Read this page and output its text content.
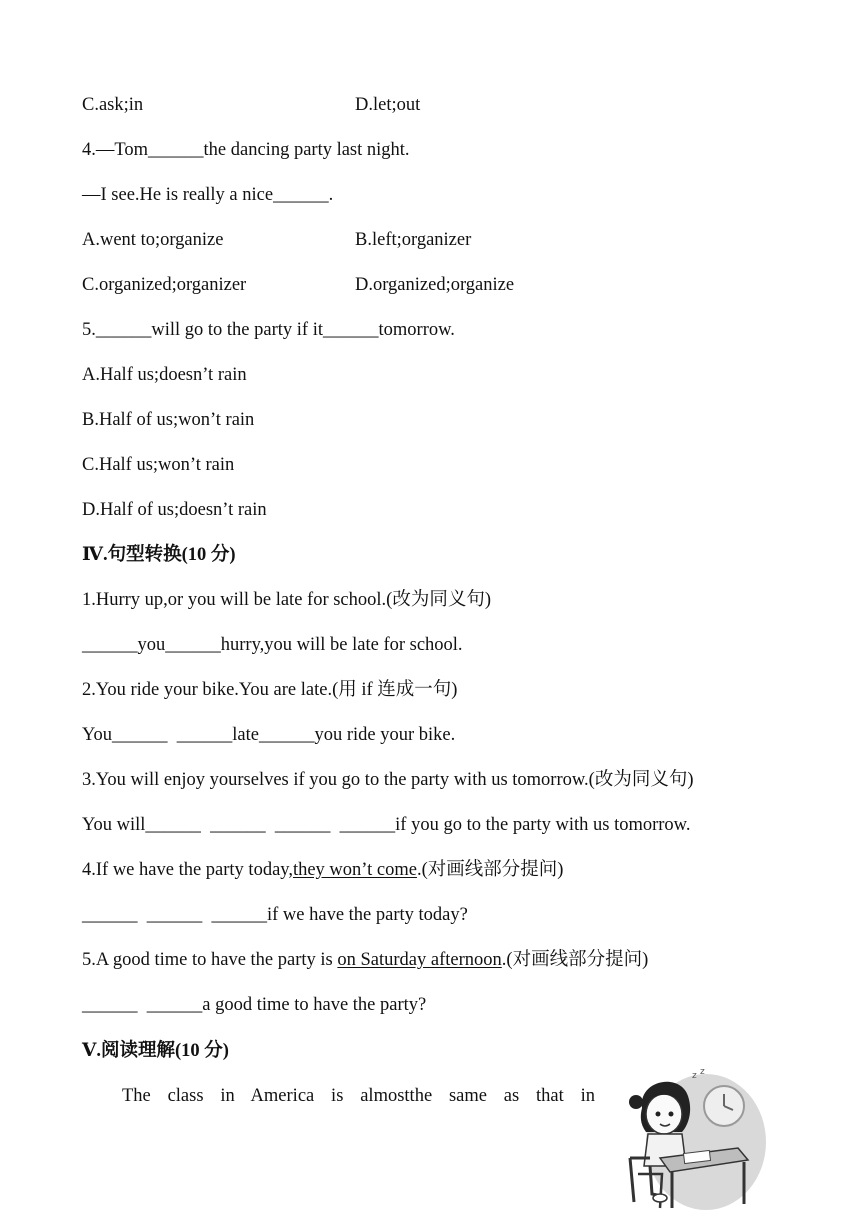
C.ask;in	D.let;out
4.—Tom______the dancing party last night.
—I see.He is really a nice______.
A.went to;organize	B.left;organizer
C.organized;organizer	D.organized;organize
5.______will go to the party if it______tomorrow.
A.Half us;doesn’t rain
B.Half of us;won’t rain
C.Half us;won’t rain
D.Half of us;doesn’t rain
Ⅳ.句型转换(10 分)
1.Hurry up,or you will be late for school.(改为同义句)
______you______hurry,you will be late for school.
2.You ride your bike.You are late.(用 if 连成一句)
You______ ______late______you ride your bike.
3.You will enjoy yourselves if you go to the party with us tomorrow.(改为同义句)
You will______ ______ ______ ______if you go to the party with us tomorrow.
4.If we have the party today,they won’t come.(对画线部分提问)
______ ______ ______if we have the party today?
5.A good time to have the party is on Saturday afternoon.(对画线部分提问)
______ ______a good time to have the party?
Ⅴ.阅读理解(10 分)
The class in America is almostthe same as that in
z z
